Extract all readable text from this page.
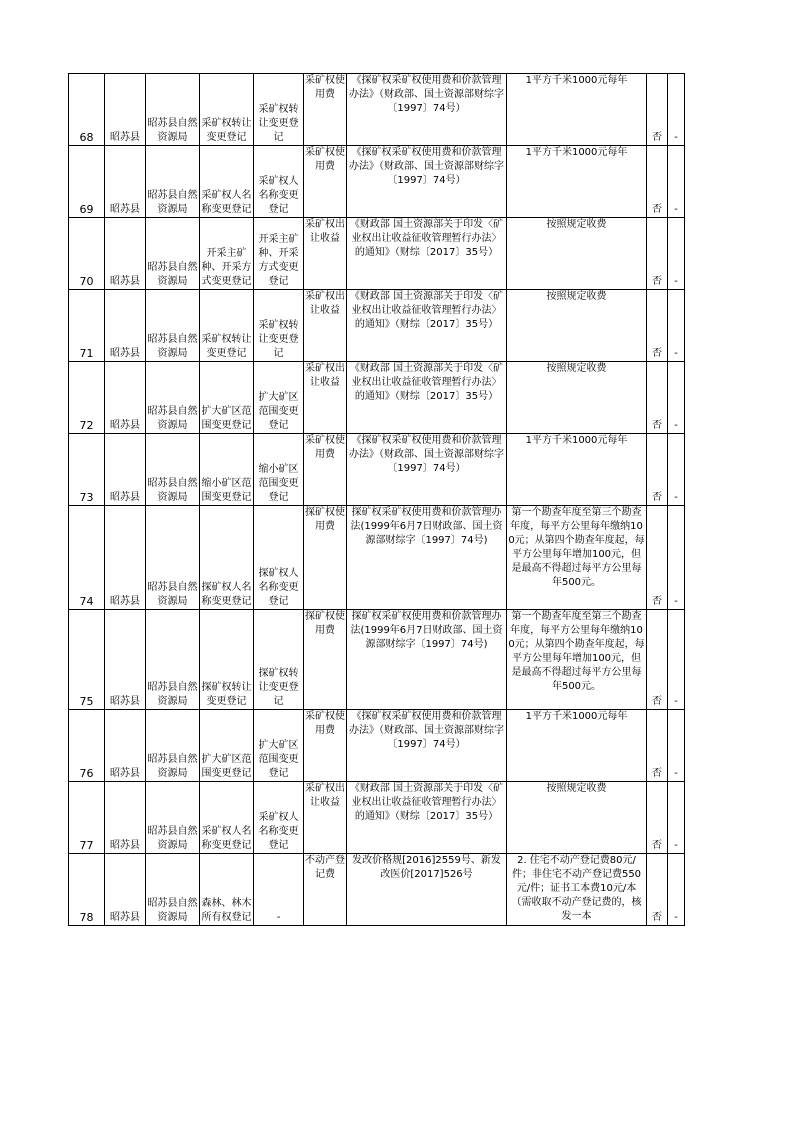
68	昭苏县	昭苏县自然资源局	采矿权转让变更登记	采矿权转让变更登记	采矿权使用费	《探矿权采矿权使用费和价款管理办法》（财政部、国土资源部财综字〔1997〕74号）	1平方千米1000元每年	否	-
69	昭苏县	昭苏县自然资源局	采矿权人名称变更登记	采矿权人名称变更登记	采矿权使用费	《探矿权采矿权使用费和价款管理办法》（财政部、国土资源部财综字〔1997〕74号）	1平方千米1000元每年	否	-
70	昭苏县	昭苏县自然资源局	开采主矿种、开采方式变更登记	开采主矿种、开采方式变更登记	采矿权出让收益	《财政部 国土资源部关于印发〈矿业权出让收益征收管理暂行办法〉的通知》（财综〔2017〕35号）	按照规定收费	否	-
71	昭苏县	昭苏县自然资源局	采矿权转让变更登记	采矿权转让变更登记	采矿权出让收益	《财政部 国土资源部关于印发〈矿业权出让收益征收管理暂行办法〉的通知》（财综〔2017〕35号）	按照规定收费	否	-
72	昭苏县	昭苏县自然资源局	扩大矿区范围变更登记	扩大矿区范围变更登记	采矿权出让收益	《财政部 国土资源部关于印发〈矿业权出让收益征收管理暂行办法〉的通知》（财综〔2017〕35号）	按照规定收费	否	-
73	昭苏县	昭苏县自然资源局	缩小矿区范围变更登记	缩小矿区范围变更登记	采矿权使用费	《探矿权采矿权使用费和价款管理办法》（财政部、国土资源部财综字〔1997〕74号）	1平方千米1000元每年	否	-
74	昭苏县	昭苏县自然资源局	探矿权人名称变更登记	探矿权人名称变更登记	探矿权使用费	探矿权采矿权使用费和价款管理办法(1999年6月7日财政部、国土资源部财综字〔1997〕74号)	第一个勘查年度至第三个勘查年度，每平方公里每年缴纳100元；从第四个勘查年度起，每平方公里每年增加100元，但是最高不得超过每平方公里每年500元。	否	-
75	昭苏县	昭苏县自然资源局	探矿权转让变更登记	探矿权转让变更登记	探矿权使用费	探矿权采矿权使用费和价款管理办法(1999年6月7日财政部、国土资源部财综字〔1997〕74号)	第一个勘查年度至第三个勘查年度，每平方公里每年缴纳100元；从第四个勘查年度起，每平方公里每年增加100元，但是最高不得超过每平方公里每年500元。	否	-
76	昭苏县	昭苏县自然资源局	扩大矿区范围变更登记	扩大矿区范围变更登记	采矿权使用费	《探矿权采矿权使用费和价款管理办法》（财政部、国土资源部财综字〔1997〕74号）	1平方千米1000元每年	否	-
77	昭苏县	昭苏县自然资源局	采矿权人名称变更登记	采矿权人名称变更登记	采矿权出让收益	《财政部 国土资源部关于印发〈矿业权出让收益征收管理暂行办法〉的通知》（财综〔2017〕35号）	按照规定收费	否	-
78	昭苏县	昭苏县自然资源局	森林、林木所有权登记	-	不动产登记费	发改价格规[2016]2559号、新发改医价[2017]526号	2. 住宅不动产登记费80元/件；非住宅不动产登记费550元/件；证书工本费10元/本（需收取不动产登记费的，核发一本	否	-
